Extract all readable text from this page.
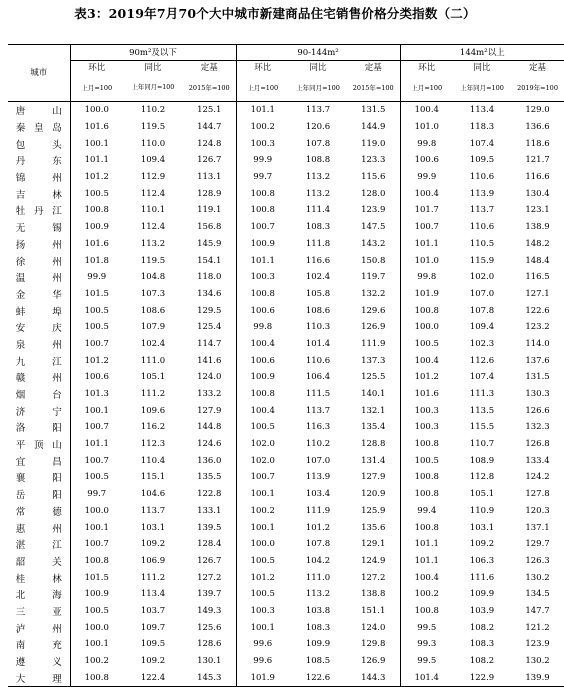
表3：2019年7月70个大中城市新建商品住宅销售价格分类指数（二）
城市	90m²及以下			90-144m²			144m²以上		
	环比	同比	定基	环比	同比	定基	环比	同比	定基
	上月=100	上年同月=100	2015年=100	上月=100	上年同月=100	2015年=100	上月=100	上年同月=100	2019年=100
唐山	100.0	110.2	125.1	101.1	113.7	131.5	100.4	113.4	129.0
秦皇岛	101.6	119.5	144.7	100.2	120.6	144.9	101.0	118.3	136.6
包头	100.1	110.0	124.8	100.3	107.8	119.0	99.8	107.4	118.6
丹东	101.1	109.4	126.7	99.9	108.8	123.3	100.6	109.5	121.7
锦州	101.2	112.9	113.1	99.7	113.2	115.6	99.9	110.6	116.6
吉林	100.5	112.4	128.9	100.8	113.2	128.0	100.4	113.9	130.4
牡丹江	100.8	110.1	119.1	100.8	111.4	123.9	101.7	113.7	123.1
无锡	100.9	112.4	156.8	100.7	108.3	147.5	100.7	110.6	138.9
扬州	101.6	113.2	145.9	100.9	111.8	143.2	101.1	110.5	148.2
徐州	101.8	119.5	154.1	101.1	116.6	150.8	101.0	115.9	148.4
温州	99.9	104.8	118.0	100.3	102.4	119.7	99.8	102.0	116.5
金华	101.5	107.3	134.6	100.8	105.8	132.2	101.9	107.0	127.1
蚌埠	100.5	108.6	129.5	100.6	108.6	129.6	100.8	107.8	122.6
安庆	100.5	107.9	125.4	99.8	110.3	126.9	100.0	109.4	123.2
泉州	100.7	102.4	114.7	100.4	101.4	111.9	100.5	102.3	114.0
九江	101.2	111.0	141.6	100.6	110.6	137.3	100.4	112.6	137.6
赣州	100.6	105.1	124.0	100.9	106.4	125.5	101.2	107.4	131.5
烟台	101.3	111.2	133.2	100.8	111.5	140.1	101.6	111.3	130.3
济宁	100.1	109.6	127.9	100.4	113.7	132.1	100.3	113.5	126.6
洛阳	100.7	116.2	144.8	100.5	116.3	135.4	100.3	115.5	132.3
平顶山	101.1	112.3	124.6	102.0	110.2	128.8	100.8	110.7	126.8
宜昌	100.7	110.4	136.0	102.0	107.0	131.4	100.5	108.9	133.4
襄阳	100.5	115.1	135.5	100.7	113.9	127.9	100.8	112.8	124.2
岳阳	99.7	104.6	122.8	100.1	103.4	120.9	100.8	105.1	127.8
常德	100.0	113.7	133.1	100.2	111.9	125.9	99.4	110.9	120.3
惠州	100.1	103.1	139.5	100.1	101.2	135.6	100.8	103.1	137.1
湛江	100.7	109.2	128.4	100.0	107.8	129.1	101.1	109.2	129.7
韶关	100.8	106.9	126.7	100.5	104.2	124.9	101.1	106.3	126.3
桂林	101.5	111.2	127.2	101.2	111.0	127.2	100.4	111.6	130.2
北海	100.9	113.4	139.7	100.5	113.2	138.8	100.2	109.9	134.5
三亚	100.5	103.7	149.3	100.3	103.8	151.1	100.8	103.9	147.7
泸州	100.0	109.7	125.6	100.1	108.3	124.0	99.5	108.2	121.2
南充	100.1	109.5	128.6	99.6	109.9	129.8	99.3	108.3	123.9
遵义	100.2	109.2	130.1	99.6	108.5	126.9	99.5	108.2	130.2
大理	100.8	122.4	145.3	101.9	122.6	144.3	101.4	122.9	139.9
